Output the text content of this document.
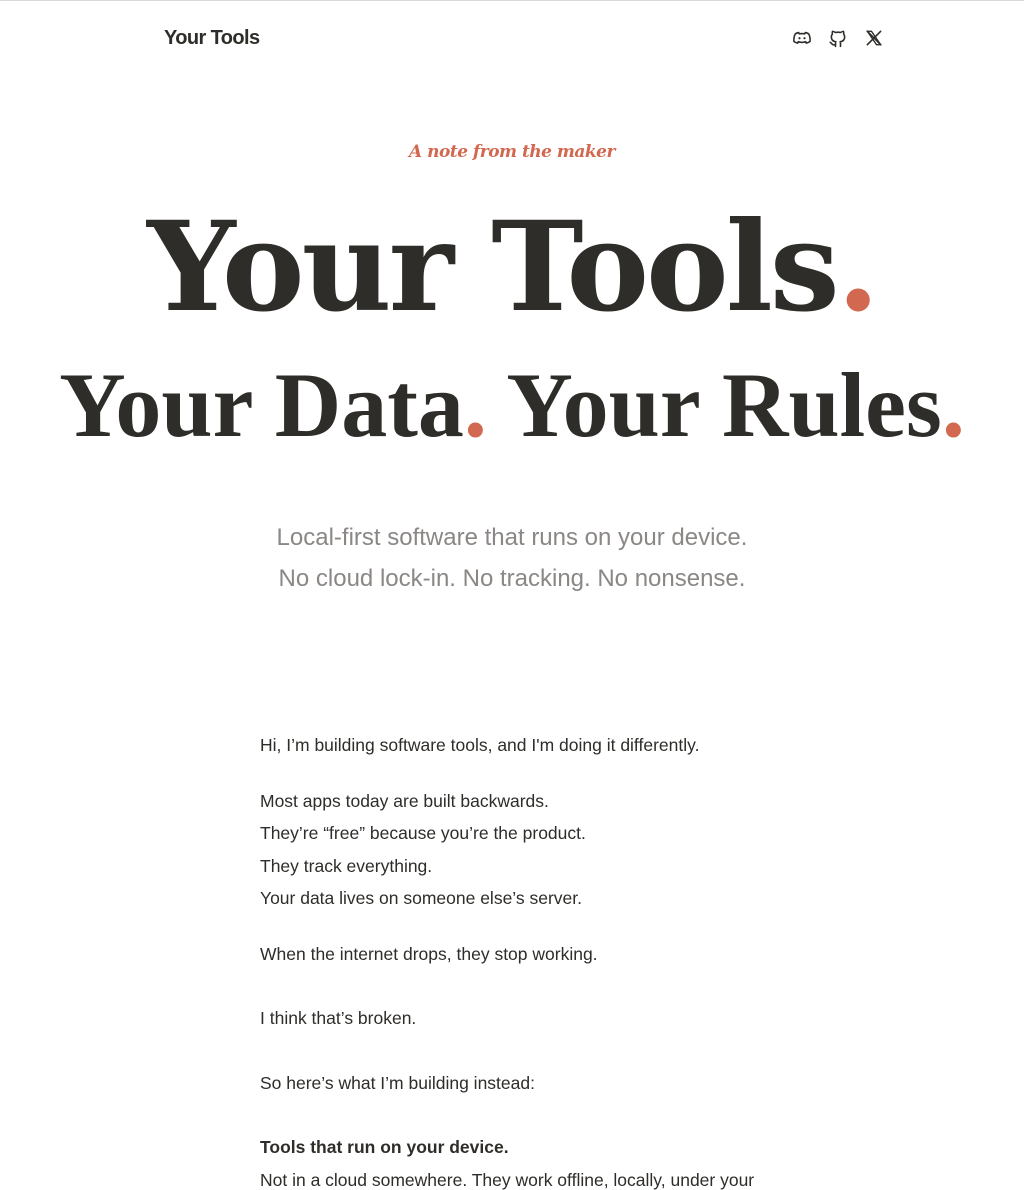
Your Tools
A note from the maker
Your Tools.
Your Data. Your Rules.
Local-first software that runs on your device.
No cloud lock-in. No tracking. No nonsense.

Hi, I’m building software tools, and I'm doing it differently.

Most apps today are built backwards.

They’re “free” because you’re the product.

They track everything.

Your data lives on someone else’s server.

When the internet drops, they stop working.

I think that’s broken.

So here’s what I’m building instead:

Tools that run on your device.

Not in a cloud somewhere. They work offline, locally, under your
